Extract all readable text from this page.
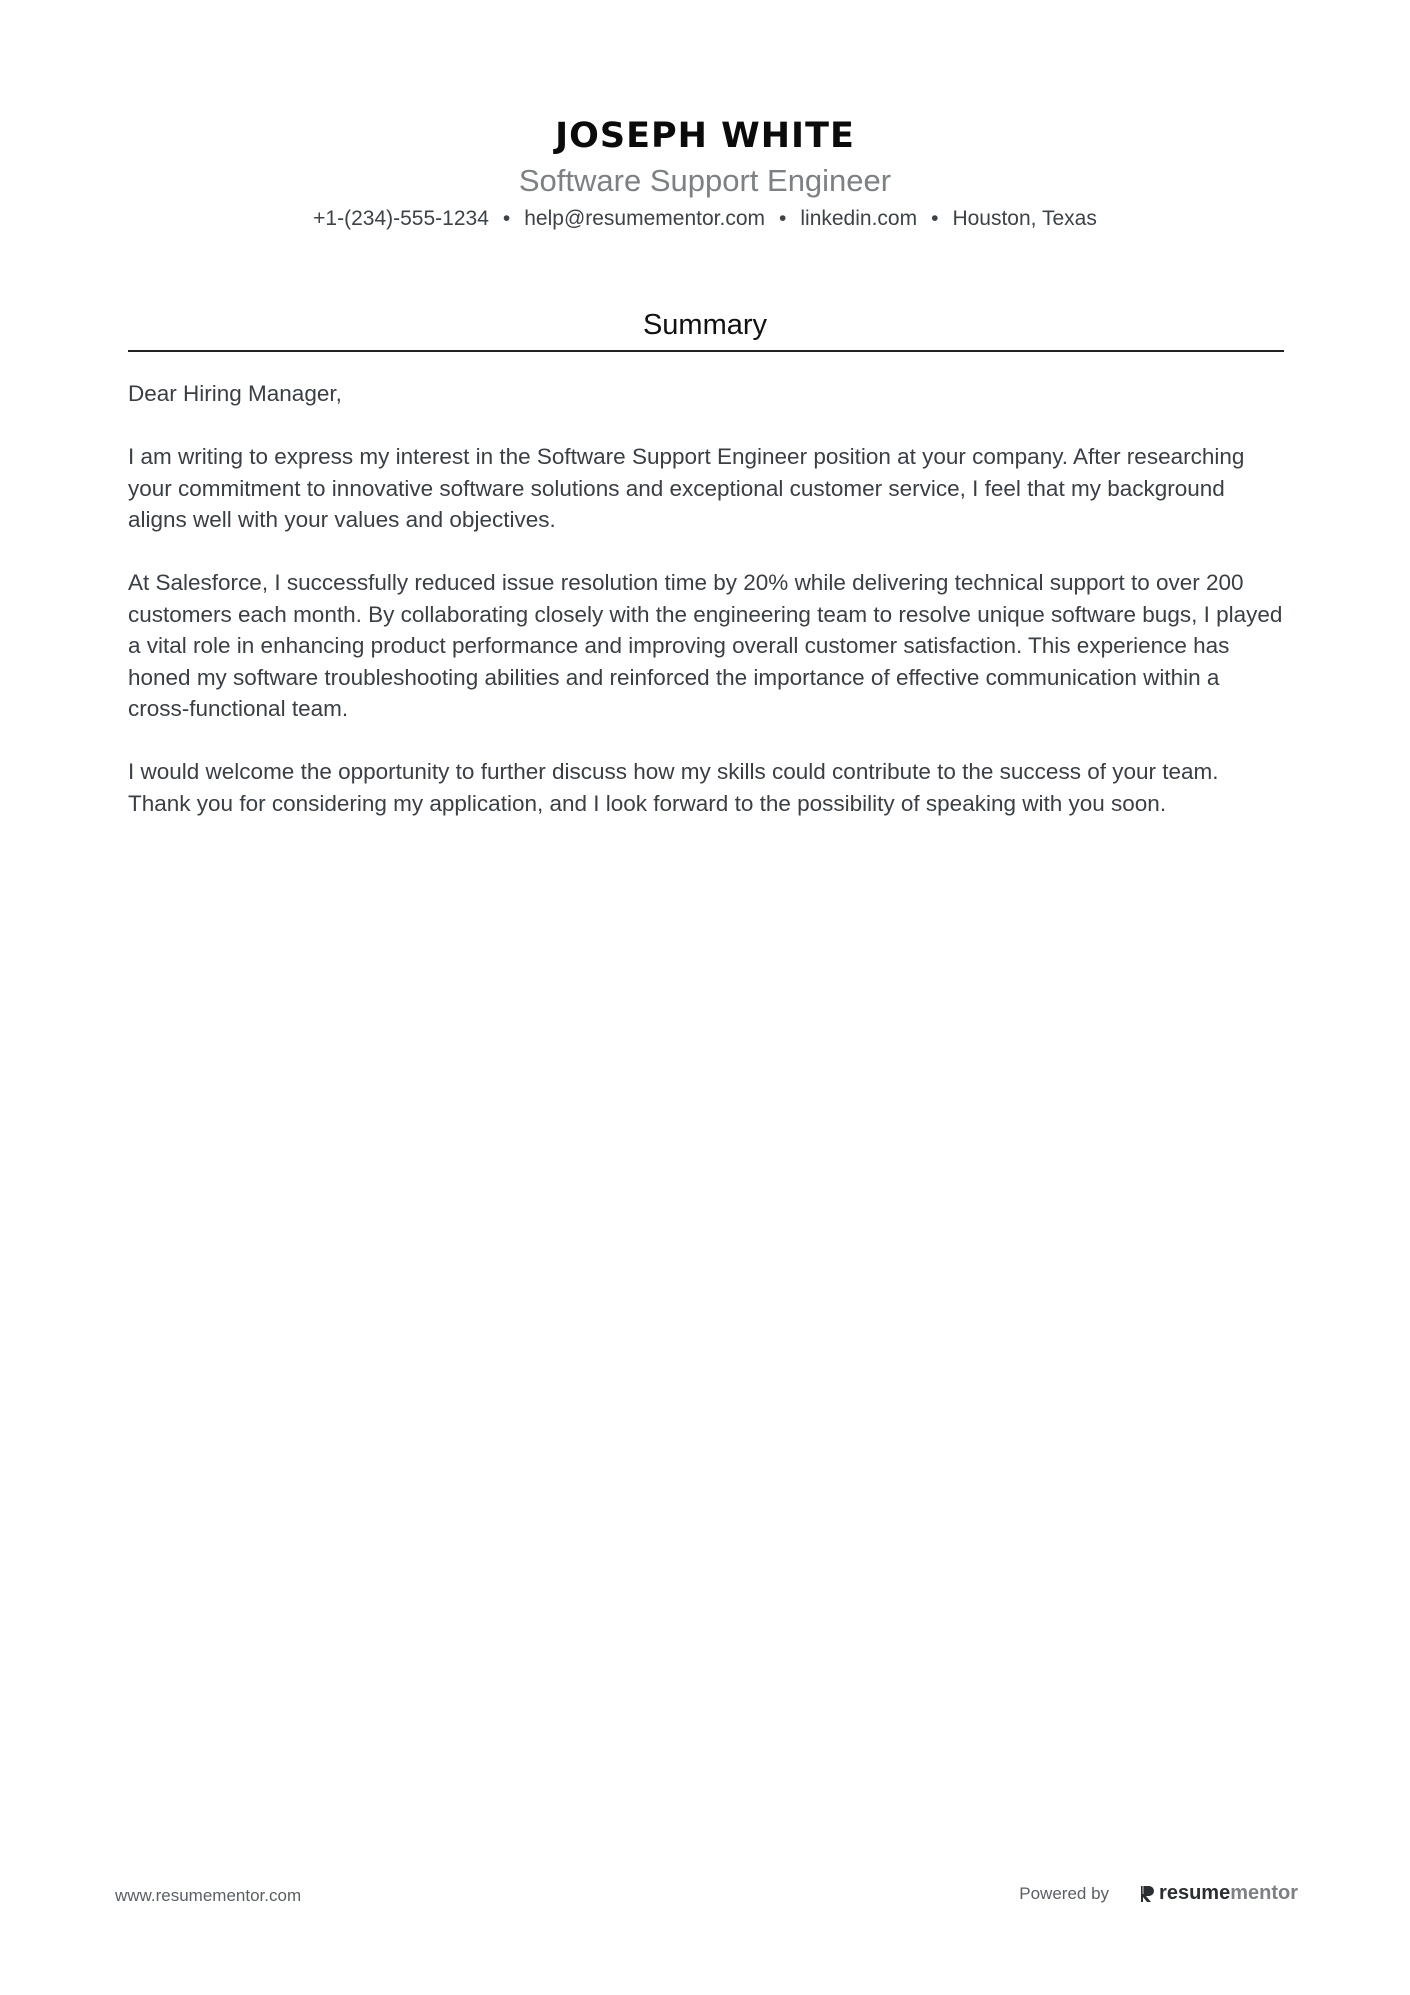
JOSEPH WHITE
Software Support Engineer
+1-(234)-555-1234 • help@resumementor.com • linkedin.com • Houston, Texas
Summary

Dear Hiring Manager,

I am writing to express my interest in the Software Support Engineer position at your company. After researching your commitment to innovative software solutions and exceptional customer service, I feel that my background aligns well with your values and objectives.

At Salesforce, I successfully reduced issue resolution time by 20% while delivering technical support to over 200 customers each month. By collaborating closely with the engineering team to resolve unique software bugs, I played a vital role in enhancing product performance and improving overall customer satisfaction. This experience has honed my software troubleshooting abilities and reinforced the importance of effective communication within a cross-functional team.

I would welcome the opportunity to further discuss how my skills could contribute to the success of your team. Thank you for considering my application, and I look forward to the possibility of speaking with you soon.

www.resumementor.com	Powered by	resume mentor
